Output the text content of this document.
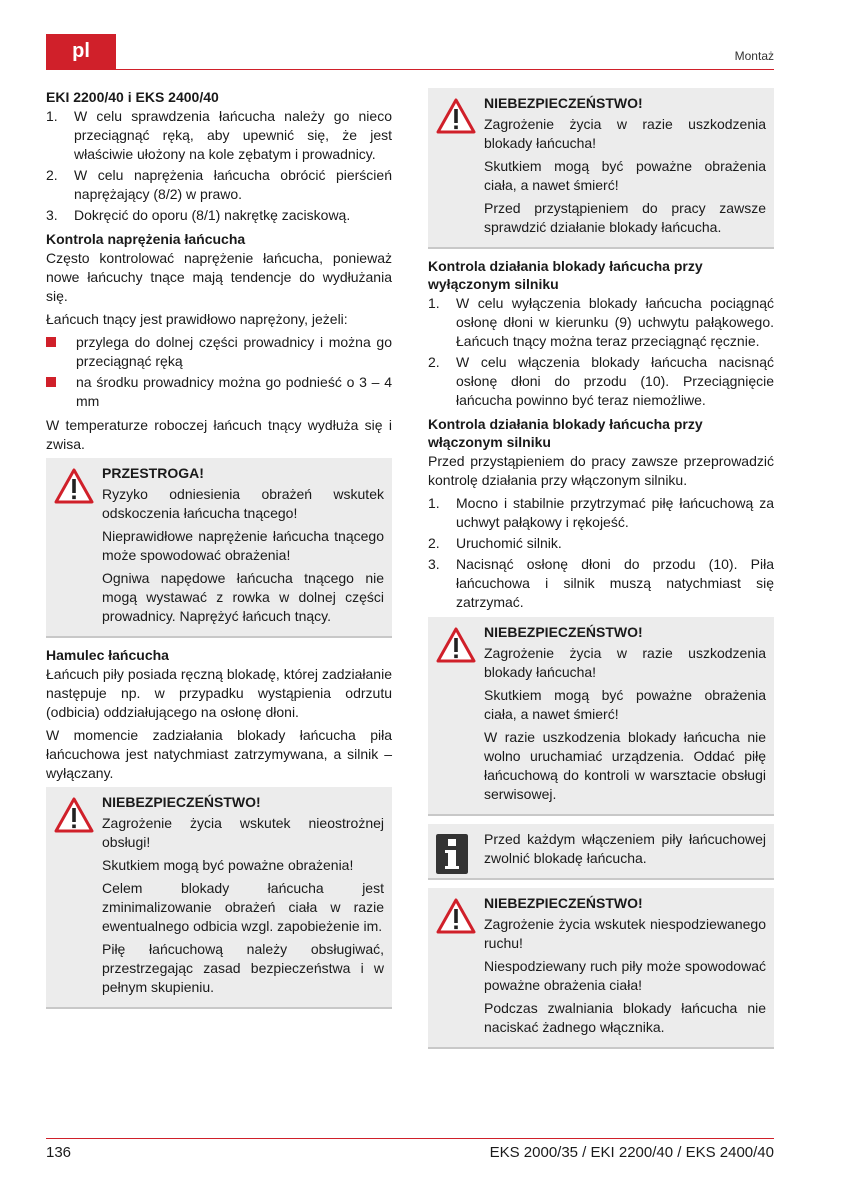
pl	Montaż
EKI 2200/40 i EKS 2400/40
1. W celu sprawdzenia łańcucha należy go nieco przeciągnąć ręką, aby upewnić się, że jest właściwie ułożony na kole zębatym i prowadnicy.
2. W celu naprężenia łańcucha obrócić pierścień naprężający (8/2) w prawo.
3. Dokręcić do oporu (8/1) nakrętkę zaciskową.
Kontrola naprężenia łańcucha

Często kontrolować naprężenie łańcucha, ponieważ nowe łańcuchy tnące mają tendencje do wydłużania się.

Łańcuch tnący jest prawidłowo naprężony, jeżeli:

przylega do dolnej części prowadnicy i można go przeciągnąć ręką
na środku prowadnicy można go podnieść o 3 – 4 mm

W temperaturze roboczej łańcuch tnący wydłuża się i zwisa.

PRZESTROGA!

Ryzyko odniesienia obrażeń wskutek odskoczenia łańcucha tnącego!

Nieprawidłowe naprężenie łańcucha tnącego może spowodować obrażenia!

Ogniwa napędowe łańcucha tnącego nie mogą wystawać z rowka w dolnej części prowadnicy. Naprężyć łańcuch tnący.

Hamulec łańcucha

Łańcuch piły posiada ręczną blokadę, której zadziałanie następuje np. w przypadku wystąpienia odrzutu (odbicia) oddziałującego na osłonę dłoni.

W momencie zadziałania blokady łańcucha piła łańcuchowa jest natychmiast zatrzymywana, a silnik – wyłączany.

NIEBEZPIECZEŃSTWO!

Zagrożenie życia wskutek nieostrożnej obsługi!

Skutkiem mogą być poważne obrażenia!

Celem blokady łańcucha jest zminimalizowanie obrażeń ciała w razie ewentualnego odbicia wzgl. zapobieżenie im.

Piłę łańcuchową należy obsługiwać, przestrzegając zasad bezpieczeństwa i w pełnym skupieniu.

NIEBEZPIECZEŃSTWO!

Zagrożenie życia w razie uszkodzenia blokady łańcucha!

Skutkiem mogą być poważne obrażenia ciała, a nawet śmierć!

Przed przystąpieniem do pracy zawsze sprawdzić działanie blokady łańcucha.

Kontrola działania blokady łańcucha przy wyłączonym silniku
1. W celu wyłączenia blokady łańcucha pociągnąć osłonę dłoni w kierunku (9) uchwytu pałąkowego. Łańcuch tnący można teraz przeciągnąć ręcznie.
2. W celu włączenia blokady łańcucha nacisnąć osłonę dłoni do przodu (10). Przeciągnięcie łańcucha powinno być teraz niemożliwe.
Kontrola działania blokady łańcucha przy włączonym silniku

Przed przystąpieniem do pracy zawsze przeprowadzić kontrolę działania przy włączonym silniku.

1. Mocno i stabilnie przytrzymać piłę łańcuchową za uchwyt pałąkowy i rękojeść.
2. Uruchomić silnik.
3. Nacisnąć osłonę dłoni do przodu (10). Piła łańcuchowa i silnik muszą natychmiast się zatrzymać.
NIEBEZPIECZEŃSTWO!

Zagrożenie życia w razie uszkodzenia blokady łańcucha!

Skutkiem mogą być poważne obrażenia ciała, a nawet śmierć!

W razie uszkodzenia blokady łańcucha nie wolno uruchamiać urządzenia. Oddać piłę łańcuchową do kontroli w warsztacie obsługi serwisowej.

Przed każdym włączeniem piły łańcuchowej zwolnić blokadę łańcucha.

NIEBEZPIECZEŃSTWO!

Zagrożenie życia wskutek niespodziewanego ruchu!

Niespodziewany ruch piły może spowodować poważne obrażenia ciała!

Podczas zwalniania blokady łańcucha nie naciskać żadnego włącznika.

136	EKS 2000/35 / EKI 2200/40 / EKS 2400/40
